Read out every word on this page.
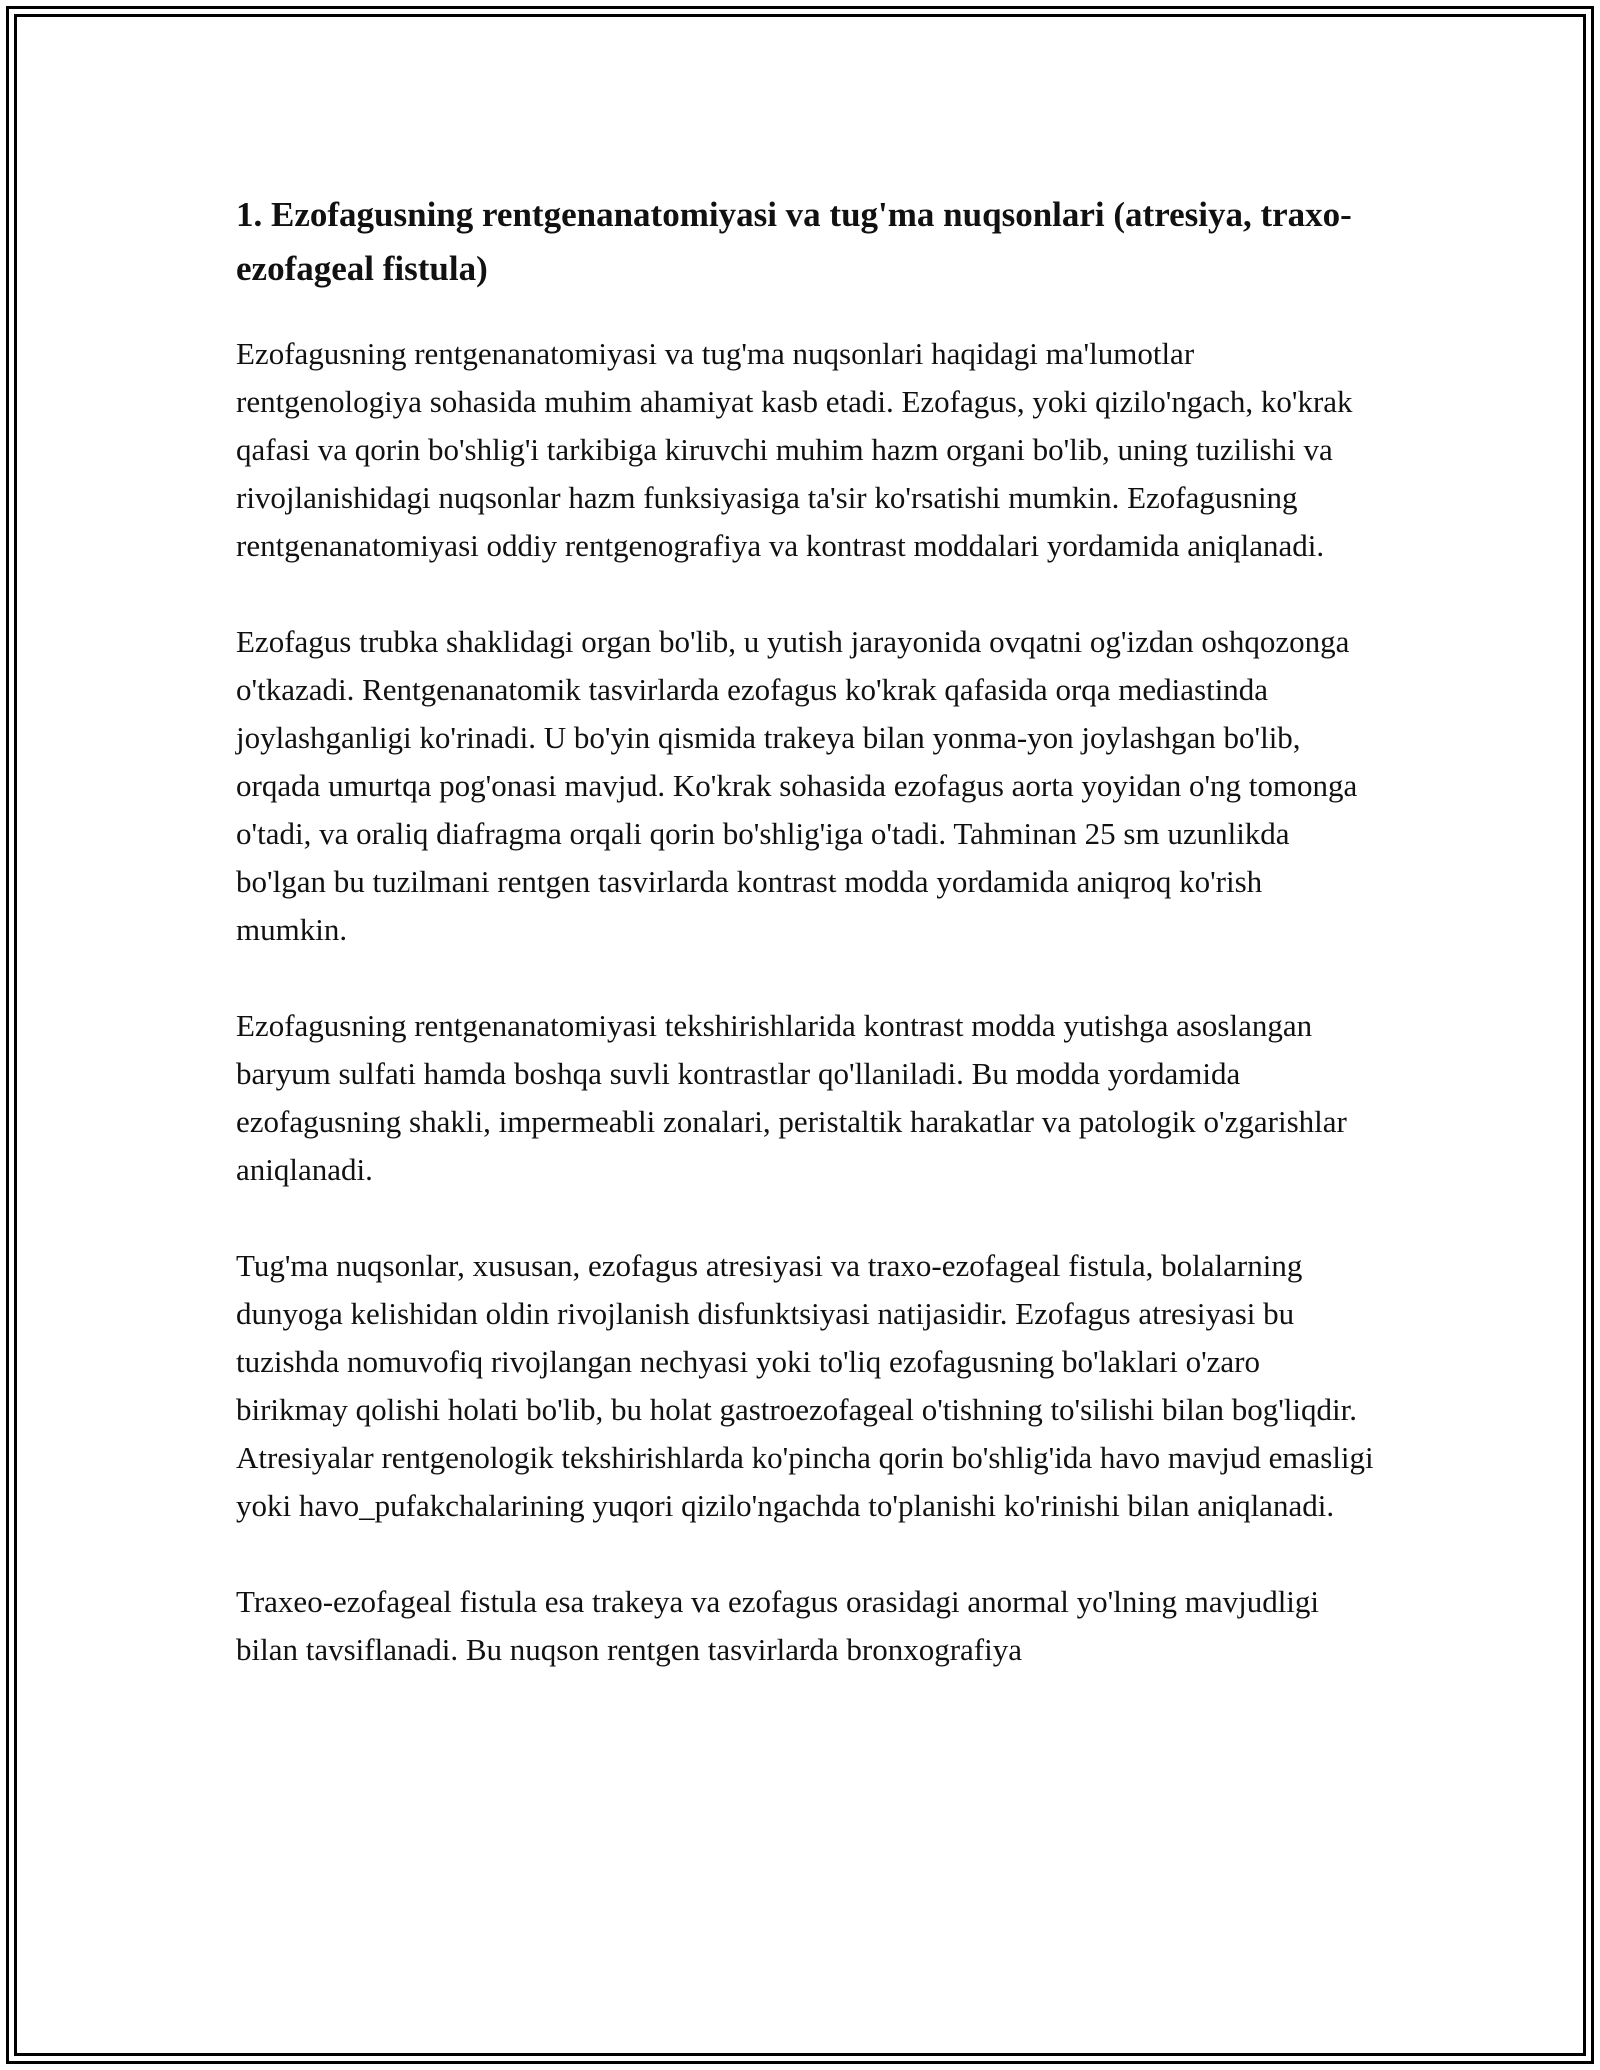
1. Ezofagusning rentgenanatomiyasi va tug'ma nuqsonlari (atresiya, traxo-ezofageal fistula)

Ezofagusning rentgenanatomiyasi va tug'ma nuqsonlari haqidagi ma'lumotlar rentgenologiya sohasida muhim ahamiyat kasb etadi. Ezofagus, yoki qizilo'ngach, ko'krak qafasi va qorin bo'shlig'i tarkibiga kiruvchi muhim hazm organi bo'lib, uning tuzilishi va rivojlanishidagi nuqsonlar hazm funksiyasiga ta'sir ko'rsatishi mumkin. Ezofagusning rentgenanatomiyasi oddiy rentgenografiya va kontrast moddalari yordamida aniqlanadi.

Ezofagus trubka shaklidagi organ bo'lib, u yutish jarayonida ovqatni og'izdan oshqozonga o'tkazadi. Rentgenanatomik tasvirlarda ezofagus ko'krak qafasida orqa mediastinda joylashganligi ko'rinadi. U bo'yin qismida trakeya bilan yonma-yon joylashgan bo'lib, orqada umurtqa pog'onasi mavjud. Ko'krak sohasida ezofagus aorta yoyidan o'ng tomonga o'tadi, va oraliq diafragma orqali qorin bo'shlig'iga o'tadi. Tahminan 25 sm uzunlikda bo'lgan bu tuzilmani rentgen tasvirlarda kontrast modda yordamida aniqroq ko'rish mumkin.

Ezofagusning rentgenanatomiyasi tekshirishlarida kontrast modda yutishga asoslangan baryum sulfati hamda boshqa suvli kontrastlar qo'llaniladi. Bu modda yordamida ezofagusning shakli, impermeabli zonalari, peristaltik harakatlar va patologik o'zgarishlar aniqlanadi.

Tug'ma nuqsonlar, xususan, ezofagus atresiyasi va traxo-ezofageal fistula, bolalarning dunyoga kelishidan oldin rivojlanish disfunktsiyasi natijasidir. Ezofagus atresiyasi bu tuzishda nomuvofiq rivojlangan nechyasi yoki to'liq ezofagusning bo'laklari o'zaro birikmay qolishi holati bo'lib, bu holat gastroezofageal o'tishning to'silishi bilan bog'liqdir. Atresiyalar rentgenologik tekshirishlarda ko'pincha qorin bo'shlig'ida havo mavjud emasligi yoki havo_pufakchalarining yuqori qizilo'ngachda to'planishi ko'rinishi bilan aniqlanadi.

Traxeo-ezofageal fistula esa trakeya va ezofagus orasidagi anormal yo'lning mavjudligi bilan tavsiflanadi. Bu nuqson rentgen tasvirlarda bronxografiya
